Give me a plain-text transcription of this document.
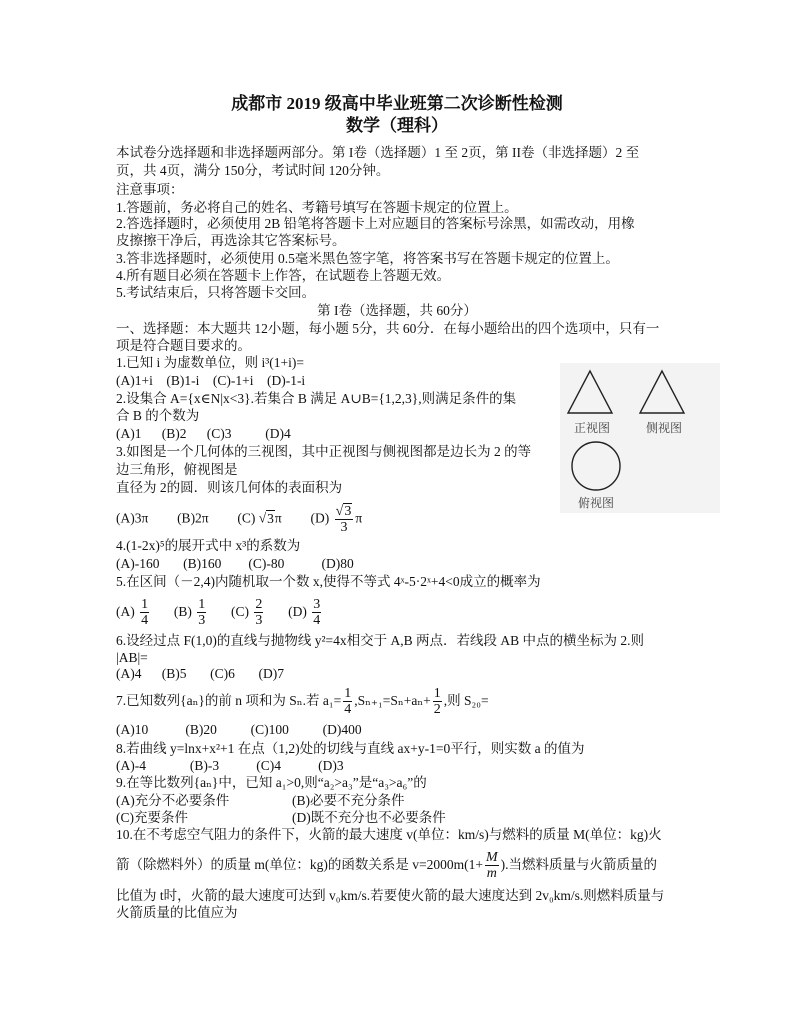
成都市 2019 级高中毕业班第二次诊断性检测
数学（理科）
本试卷分选择题和非选择题两部分。第 I卷（选择题）1 至 2页，第 II卷（非选择题）2 至
页，共 4页，满分 150分，考试时间 120分钟。
注意事项：
1.答题前，务必将自己的姓名、考籍号填写在答题卡规定的位置上。
2.答选择题时，必须使用 2B 铅笔将答题卡上对应题目的答案标号涂黑，如需改动，用橡
皮擦擦干净后，再选涂其它答案标号。
3.答非选择题时，必须使用 0.5毫米黑色签字笔，将答案书写在答题卡规定的位置上。
4.所有题目必须在答题卡上作答，在试题卷上答题无效。
5.考试结束后，只将答题卡交回。
第 I卷（选择题，共 60分）
一、选择题：本大题共 12小题，每小题 5分，共 60分．在每小题给出的四个选项中，只有一
项是符合题目要求的。
1.已知 i 为虚数单位，则 i³(1+i)=
(A)1+i    (B)1-i    (C)-1+i    (D)-1-i
2.设集合 A={x∈N|x<3}.若集合 B 满足 A∪B={1,2,3},则满足条件的集
合 B 的个数为
(A)1      (B)2      (C)3          (D)4
3.如图是一个几何体的三视图，其中正视图与侧视图都是边长为 2 的等
边三角形，俯视图是
直径为 2的圆．则该几何体的表面积为
(A)3π (B)2π (C) √3π $(D) \frac{√3}{3}$ π
正视图	侧视图
俯视图
4.(1-2x)⁵的展开式中 x³的系数为
(A)-160       (B)160        (C)-80           (D)80
5.在区间（－2,4)内随机取一个数 x,使得不等式 4ˣ-5·2ˣ+4<0成立的概率为
$(A) \frac{1}{4} (B) \frac{1}{3} (C) \frac{2}{3} (D) \frac{3}{4}$
6.设经过点 F(1,0)的直线与抛物线 y²=4x相交于 A,B 两点．若线段 AB 中点的横坐标为 2.则
|AB|=
(A)4      (B)5       (C)6       (D)7
7.已知数列{aₙ}的前 n 项和为 Sₙ.若 $a_1= \frac{1}{4} ,S_{n+1}=S_n+a_n+ \frac{1}{2}$ ,则 S₂₀=
(A)10           (B)20          (C)100          (D)400
8.若曲线 y=lnx+x²+1 在点（1,2)处的切线与直线 ax+y-1=0平行，则实数 a 的值为
(A)-4             (B)-3           (C)4           (D)3
9.在等比数列{aₙ}中，已知 a₁>0,则“a₂>a₃”是“a₃>a₆”的
(A)充分不必要条件	(B)必要不充分条件
(C)充要条件	(D)既不充分也不必要条件
10.在不考虑空气阻力的条件下，火箭的最大速度 v(单位：km/s)与燃料的质量 M(单位：kg)火
箭（除燃料外）的质量 m(单位：kg)的函数关系是 $v=2000m(1+ \frac{M}{m}$ ).当燃料质量与火箭质量的
比值为 t时，火箭的最大速度可达到 v₀km/s.若要使火箭的最大速度达到 2v₀km/s.则燃料质量与
火箭质量的比值应为
